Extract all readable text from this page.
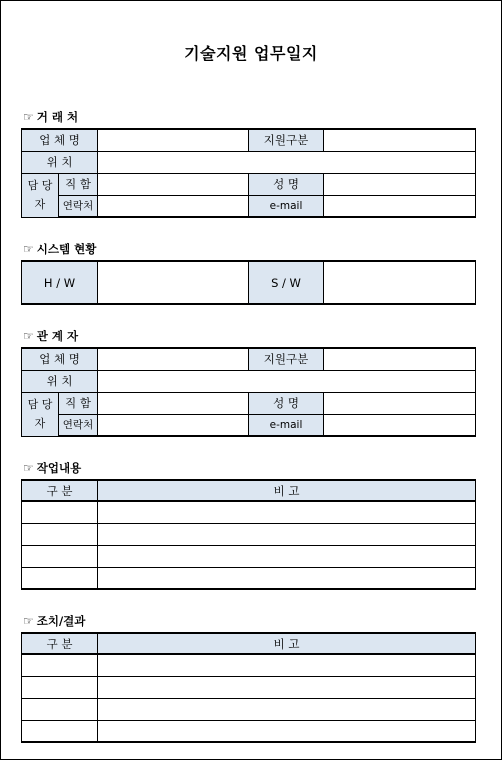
기술지원 업무일지
☞ 거 래 처
업 체 명			지원구분	
위 치				
담 당 자	직 함		성 명	
	연락처		e-mail	
☞ 시스템 현황
H / W		S / W	
☞ 관 계 자
업 체 명			지원구분	
위 치				
담 당 자	직 함		성 명	
	연락처		e-mail	
☞ 작업내용
구 분	비 고

☞ 조치/결과
구 분	비 고
